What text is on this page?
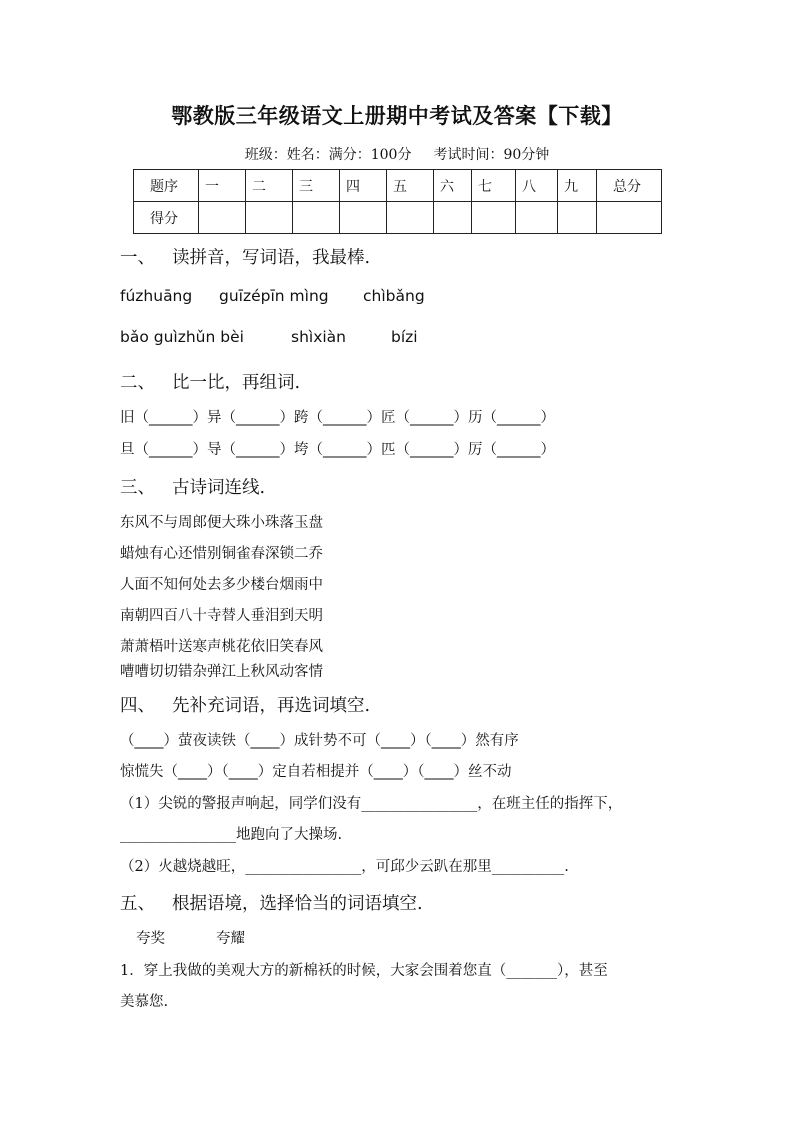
鄂教版三年级语文上册期中考试及答案【下载】
班级：姓名：满分：100分 考试时间：90分钟
题序	一	二	三	四	五	六	七	八	九	总分
得分										
一、 读拼音，写词语，我最棒.
fúzhuāng guīzépīn mìng chìbǎng
bǎo guìzhǔn bèi	shìxiàn	bízi
二、 比一比，再组词.
旧（______）异（______）跨（______）匠（______）历（______）
旦（______）导（______）垮（______）匹（______）厉（______）
三、 古诗词连线.
东风不与周郎便大珠小珠落玉盘
蜡烛有心还惜别铜雀春深锁二乔
人面不知何处去多少楼台烟雨中
南朝四百八十寺替人垂泪到天明
萧萧梧叶送寒声桃花依旧笑春风
嘈嘈切切错杂弹江上秋风动客情
四、 先补充词语，再选词填空.
（____）萤夜读铁（____）成针势不可（____）（____）然有序
惊慌失（____）（____）定自若相提并（____）（____）丝不动
（1）尖锐的警报声响起，同学们没有________________，在班主任的指挥下，
________________地跑向了大操场.
（2）火越烧越旺，________________，可邱少云趴在那里__________.
五、 根据语境，选择恰当的词语填空.
夸奖	夸耀
1．穿上我做的美观大方的新棉袄的时候，大家会围着您直（_______），甚至
美慕您.
